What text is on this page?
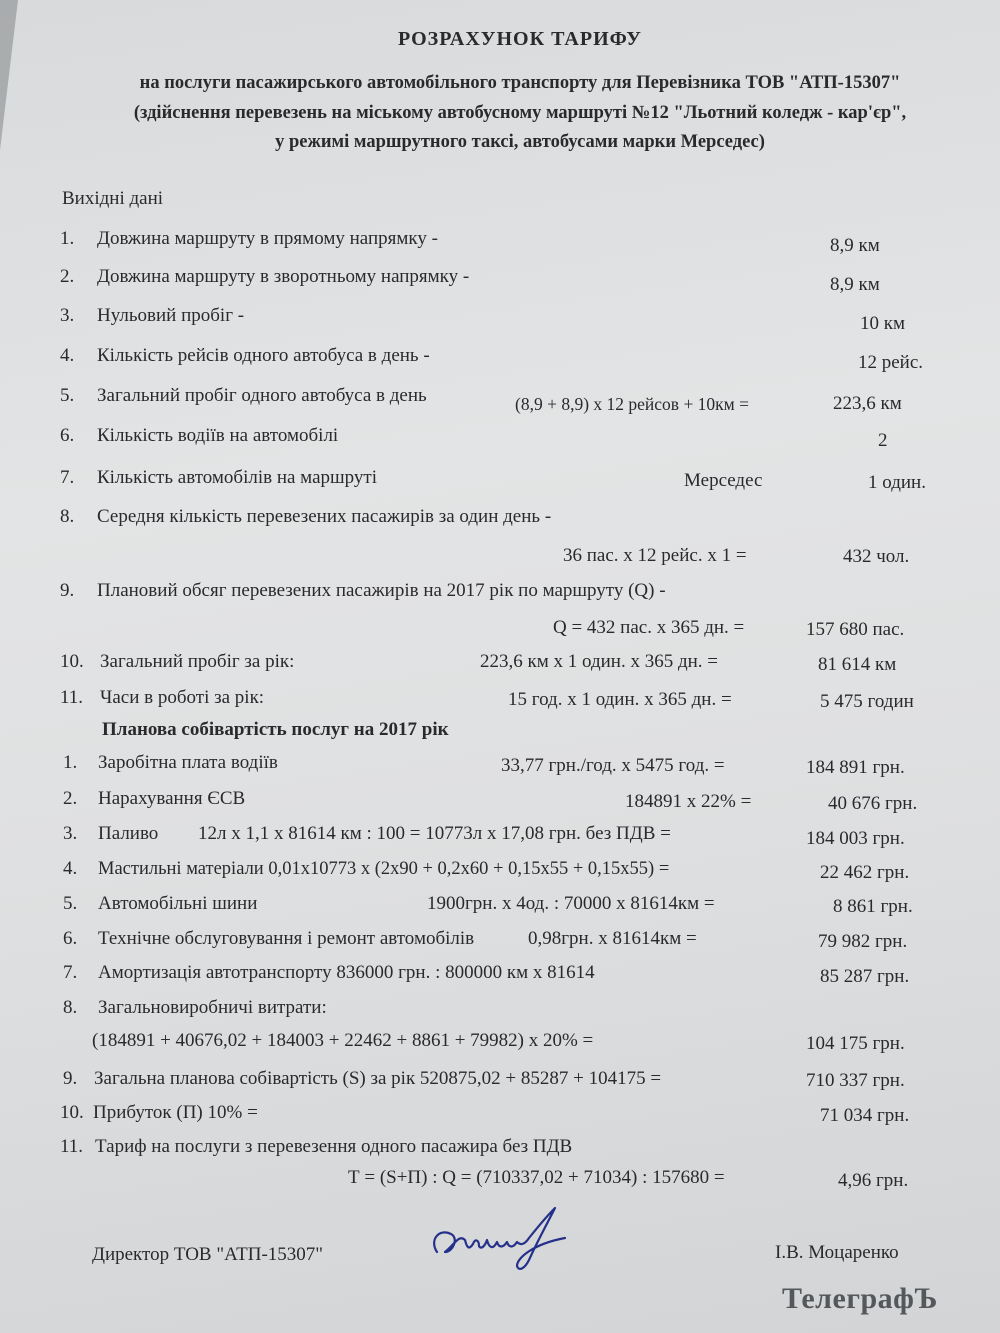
РОЗРАХУНОК ТАРИФУ
на послуги пасажирського автомобільного транспорту для Перевізника ТОВ "АТП-15307"
(здійснення перевезень на міському автобусному маршруті №12 "Льотний коледж - кар'єр",
у режимі маршрутного таксі, автобусами марки Мерседес)
Вихідні дані
1. Довжина маршруту в прямому напрямку -	8,9 км
2. Довжина маршруту в зворотньому напрямку -	8,9 км
3. Нульовий пробіг -	10 км
4. Кількість рейсів одного автобуса в день -	12 рейс.
5. Загальний пробіг одного автобуса в день	(8,9 + 8,9) х 12 рейсов + 10км =	223,6 км
6. Кількість водіїв на автомобілі	2
7. Кількість автомобілів на маршруті	Мерседес	1 один.
8. Середня кількість перевезених пасажирів за один день -
36 пас. х 12 рейс. х 1 =	432 чол.
9. Плановий обсяг перевезених пасажирів на 2017 рік по маршруту (Q) -
Q = 432 пас. х 365 дн. =	157 680 пас.
10. Загальний пробіг за рік:	223,6 км х 1 один. х 365 дн. =	81 614 км
11. Часи в роботі за рік:	15 год. х 1 один. х 365 дн. =	5 475 годин
Планова собівартість послуг на 2017 рік
1. Заробітна плата водіїв	33,77 грн./год. х 5475 год. =	184 891 грн.
2. Нарахування ЄСВ	184891 х 22% =	40 676 грн.
3. Паливо 12л х 1,1 х 81614 км : 100 = 10773л х 17,08 грн. без ПДВ =	184 003 грн.
4. Мастильні матеріали 0,01х10773 х (2х90 + 0,2х60 + 0,15х55 + 0,15х55) =	22 462 грн.
5. Автомобільні шини	1900грн. х 4од. : 70000 х 81614км =	8 861 грн.
6. Технічне обслуговування і ремонт автомобілів	0,98грн. х 81614км =	79 982 грн.
7. Амортизація автотранспорту 836000 грн. : 800000 км х 81614	85 287 грн.
8. Загальновиробничі витрати:
(184891 + 40676,02 + 184003 + 22462 + 8861 + 79982) х 20% =	104 175 грн.
9. Загальна планова собівартість (S) за рік 520875,02 + 85287 + 104175 =	710 337 грн.
10. Прибуток (П) 10% =	71 034 грн.
11. Тариф на послуги з перевезення одного пасажира без ПДВ
Т = (S+П) : Q = (710337,02 + 71034) : 157680 =	4,96 грн.
Директор ТОВ "АТП-15307"	І.В. Моцаренко
ТелеграфЪ
